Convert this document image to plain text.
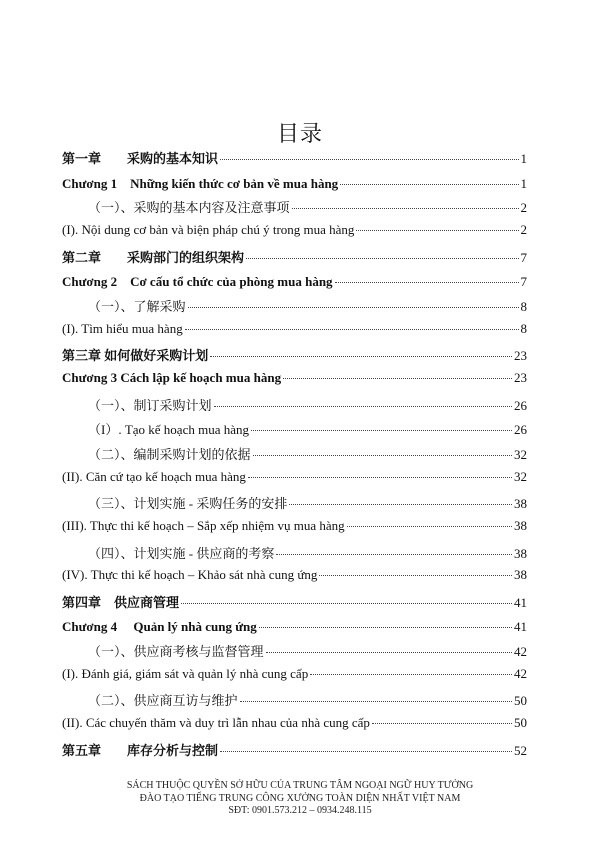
目录
第一章　　采购的基本知识	1
Chương 1　Những kiến thức cơ bản về mua hàng	1
（一）、采购的基本内容及注意事项	2
(I). Nội dung cơ bản và biện pháp chú ý trong mua hàng	2
第二章　　采购部门的组织架构	7
Chương 2　Cơ cấu tổ chức của phòng mua hàng	7
（一）、了解采购	8
(I). Tìm hiểu mua hàng	8
第三章 如何做好采购计划	23
Chương 3 Cách lập kế hoạch mua hàng	23
（一）、制订采购计划	26
（I）. Tạo kế hoạch mua hàng	26
（二）、编制采购计划的依据	32
(II). Căn cứ tạo kế hoạch mua hàng	32
（三）、计划实施 - 采购任务的安排	38
(III). Thực thi kế hoạch – Sắp xếp nhiệm vụ mua hàng	38
（四）、计划实施 - 供应商的考察	38
(IV). Thực thi kế hoạch – Khảo sát nhà cung ứng	38
第四章　供应商管理	41
Chương 4　 Quản lý nhà cung ứng	41
（一）、供应商考核与监督管理	42
(I). Đánh giá, giám sát và quản lý nhà cung cấp	42
（二）、供应商互访与维护	50
(II). Các chuyến thăm và duy trì lẫn nhau của nhà cung cấp	50
第五章　　库存分析与控制	52
SÁCH THUỘC QUYỀN SỞ HỮU CỦA TRUNG TÂM NGOẠI NGỮ HUY TƯỞNG
ĐÀO TẠO TIẾNG TRUNG CÔNG XƯỞNG TOÀN DIỆN NHẤT VIỆT NAM
SĐT: 0901.573.212 – 0934.248.115
